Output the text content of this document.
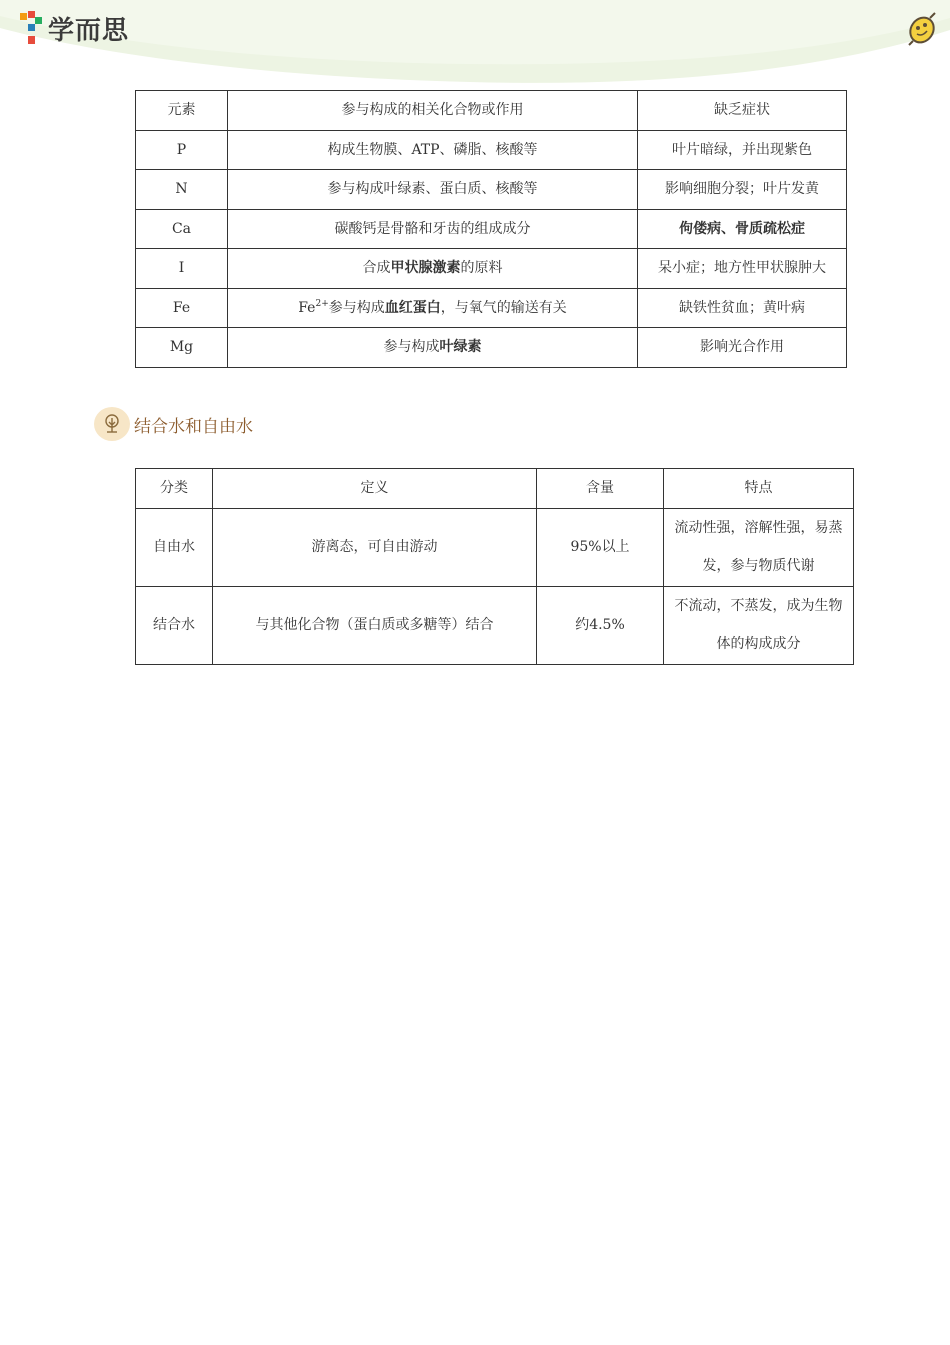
学而思
元素	参与构成的相关化合物或作用	缺乏症状
P	构成生物膜、ATP、磷脂、核酸等	叶片暗绿，并出现紫色
N	参与构成叶绿素、蛋白质、核酸等	影响细胞分裂；叶片发黄
Ca	碳酸钙是骨骼和牙齿的组成成分	佝偻病、骨质疏松症
I	合成甲状腺激素的原料	呆小症；地方性甲状腺肿大
Fe	$Fe^{2+}$参与构成血红蛋白，与氧气的输送有关	缺铁性贫血；黄叶病
Mg	参与构成叶绿素	影响光合作用
结合水和自由水
分类	定义	含量	特点
自由水	游离态，可自由游动	95%以上	流动性强，溶解性强，易蒸
发，参与物质代谢

结合水	与其他化合物（蛋白质或多糖等）结合	约4.5%	不流动，不蒸发，成为生物
体的构成成分
